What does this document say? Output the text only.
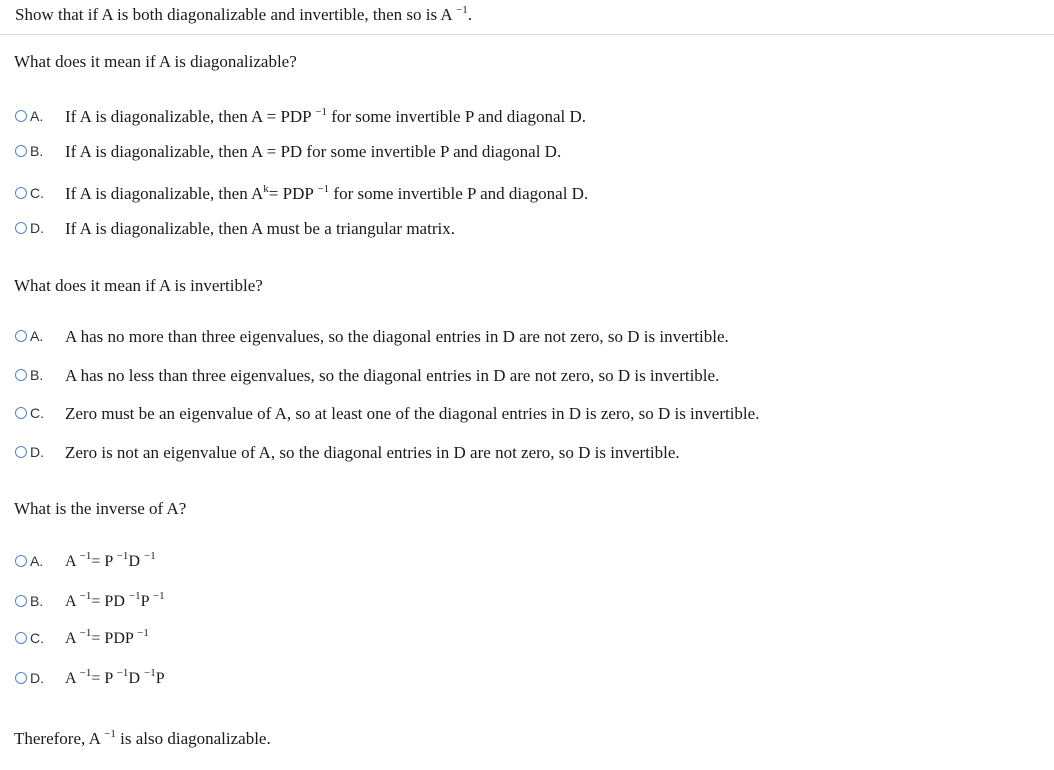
Show that if A is both diagonalizable and invertible, then so is A $^{-1}$.
What does it mean if A is diagonalizable?
A. If A is diagonalizable, then A = PDP $^{-1}$ for some invertible P and diagonal D.
B. If A is diagonalizable, then A = PD for some invertible P and diagonal D.
C. If A is diagonalizable, then $A^k=$ PDP $^{-1}$ for some invertible P and diagonal D.
D. If A is diagonalizable, then A must be a triangular matrix.
What does it mean if A is invertible?
A. A has no more than three eigenvalues, so the diagonal entries in D are not zero, so D is invertible.
B. A has no less than three eigenvalues, so the diagonal entries in D are not zero, so D is invertible.
C. Zero must be an eigenvalue of A, so at least one of the diagonal entries in D is zero, so D is invertible.
D. Zero is not an eigenvalue of A, so the diagonal entries in D are not zero, so D is invertible.
What is the inverse of A?
A. A $^{-1}$= P $^{-1}$D $^{-1}$
B. A $^{-1}$= PD $^{-1}$P $^{-1}$
C. A $^{-1}$= PDP $^{-1}$
D. A $^{-1}$= P $^{-1}$D $^{-1}$P
Therefore, A $^{-1}$ is also diagonalizable.
